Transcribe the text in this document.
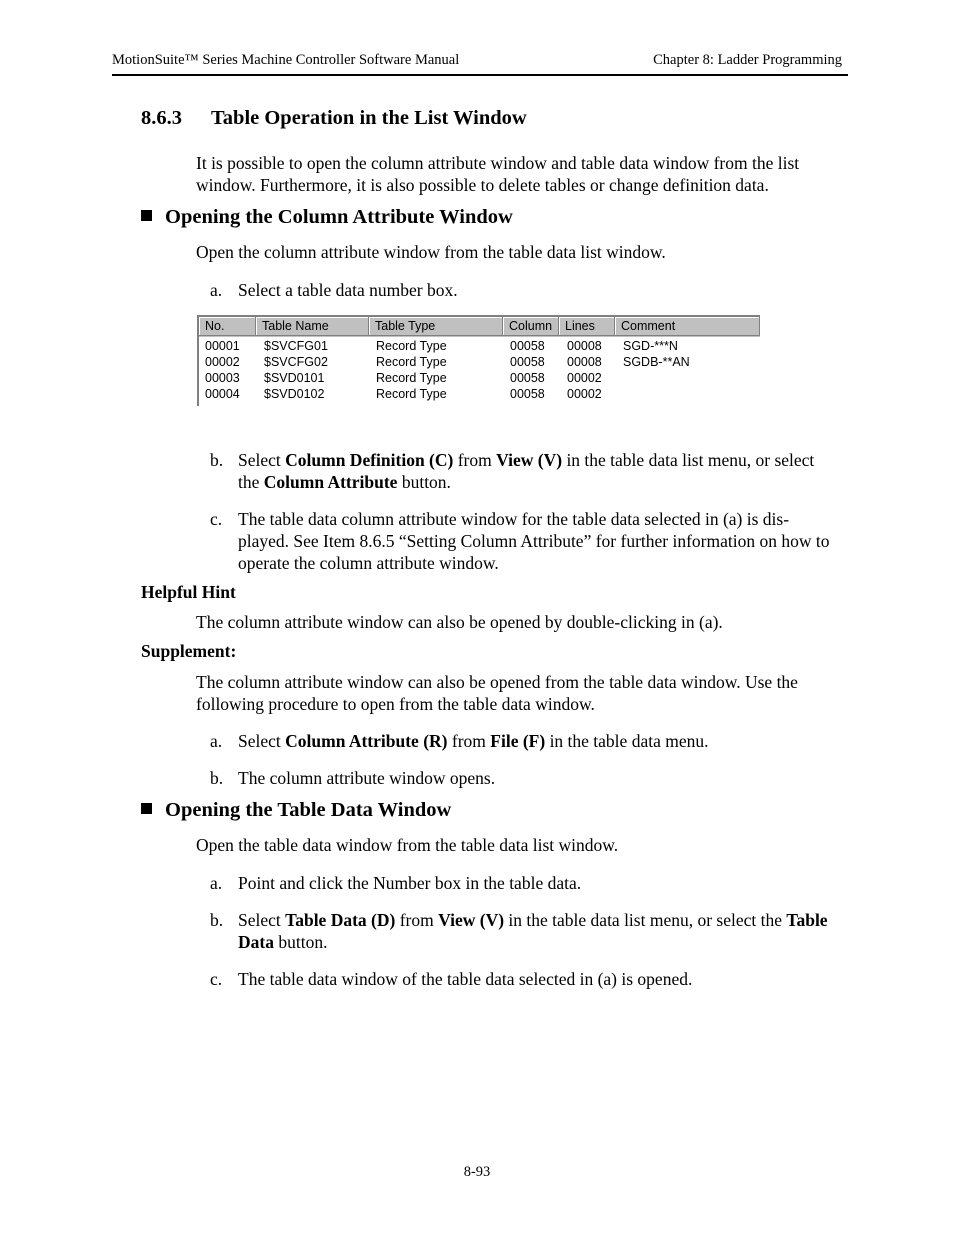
MotionSuite™ Series Machine Controller Software Manual	Chapter 8: Ladder Programming
8.6.3 Table Operation in the List Window
It is possible to open the column attribute window and table data window from the list window. Furthermore, it is also possible to delete tables or change definition data.
Opening the Column Attribute Window
Open the column attribute window from the table data list window.
a. Select a table data number box.
No.	Table Name	Table Type	Column	Lines	Comment
00001 $SVCFG01	Record Type	00058 00008 SGD-***N
00002 $SVCFG02	Record Type	00058 00008 SGDB-**AN
00003 $SVD0101	Record Type	00058 00002
00004 $SVD0102	Record Type	00058 00002
b. Select Column Definition (C) from View (V) in the table data list menu, or select the Column Attribute button.
c. The table data column attribute window for the table data selected in (a) is dis-played. See Item 8.6.5 “Setting Column Attribute” for further information on how to operate the column attribute window.
Helpful Hint
The column attribute window can also be opened by double-clicking in (a).
Supplement:
The column attribute window can also be opened from the table data window. Use the following procedure to open from the table data window.
a. Select Column Attribute (R) from File (F) in the table data menu.
b. The column attribute window opens.
Opening the Table Data Window
Open the table data window from the table data list window.
a. Point and click the Number box in the table data.
b. Select Table Data (D) from View (V) in the table data list menu, or select the Table Data button.
c. The table data window of the table data selected in (a) is opened.
8-93
